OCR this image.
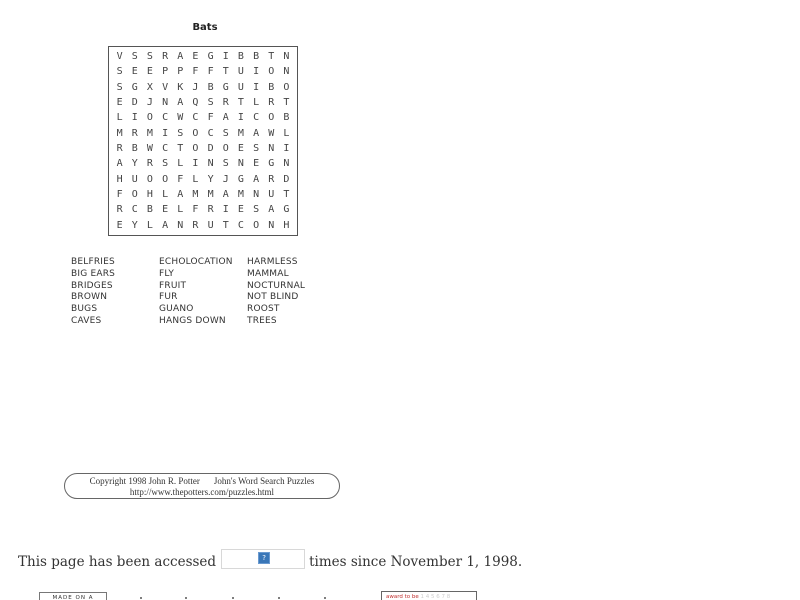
Bats
V S S R A E G I B B T N
S E E P P F F T U I O N
S G X V K J B G U I B O
E D J N A Q S R T L R T
L I O C W C F A I C O B
M R M I S O C S M A W L
R B W C T O D O E S N I
A Y R S L I N S N E G N
H U O O F L Y J G A R D
F O H L A M M A M N U T
R C B E L F R I E S A G
E Y L A N R U T C O N H
BELFRIES
BIG EARS
BRIDGES
BROWN
BUGS
CAVES
ECHOLOCATION
FLY
FRUIT
FUR
GUANO
HANGS DOWN
HARMLESS
MAMMAL
NOCTURNAL
NOT BLIND
ROOST
TREES
Copyright 1998 John R. Potter John's Word Search Puzzles
http://www.thepotters.com/puzzles.html
This page has been accessed	?	times since November 1, 1998.
MADE ON A	award to be 1 4 5 6 7 8
